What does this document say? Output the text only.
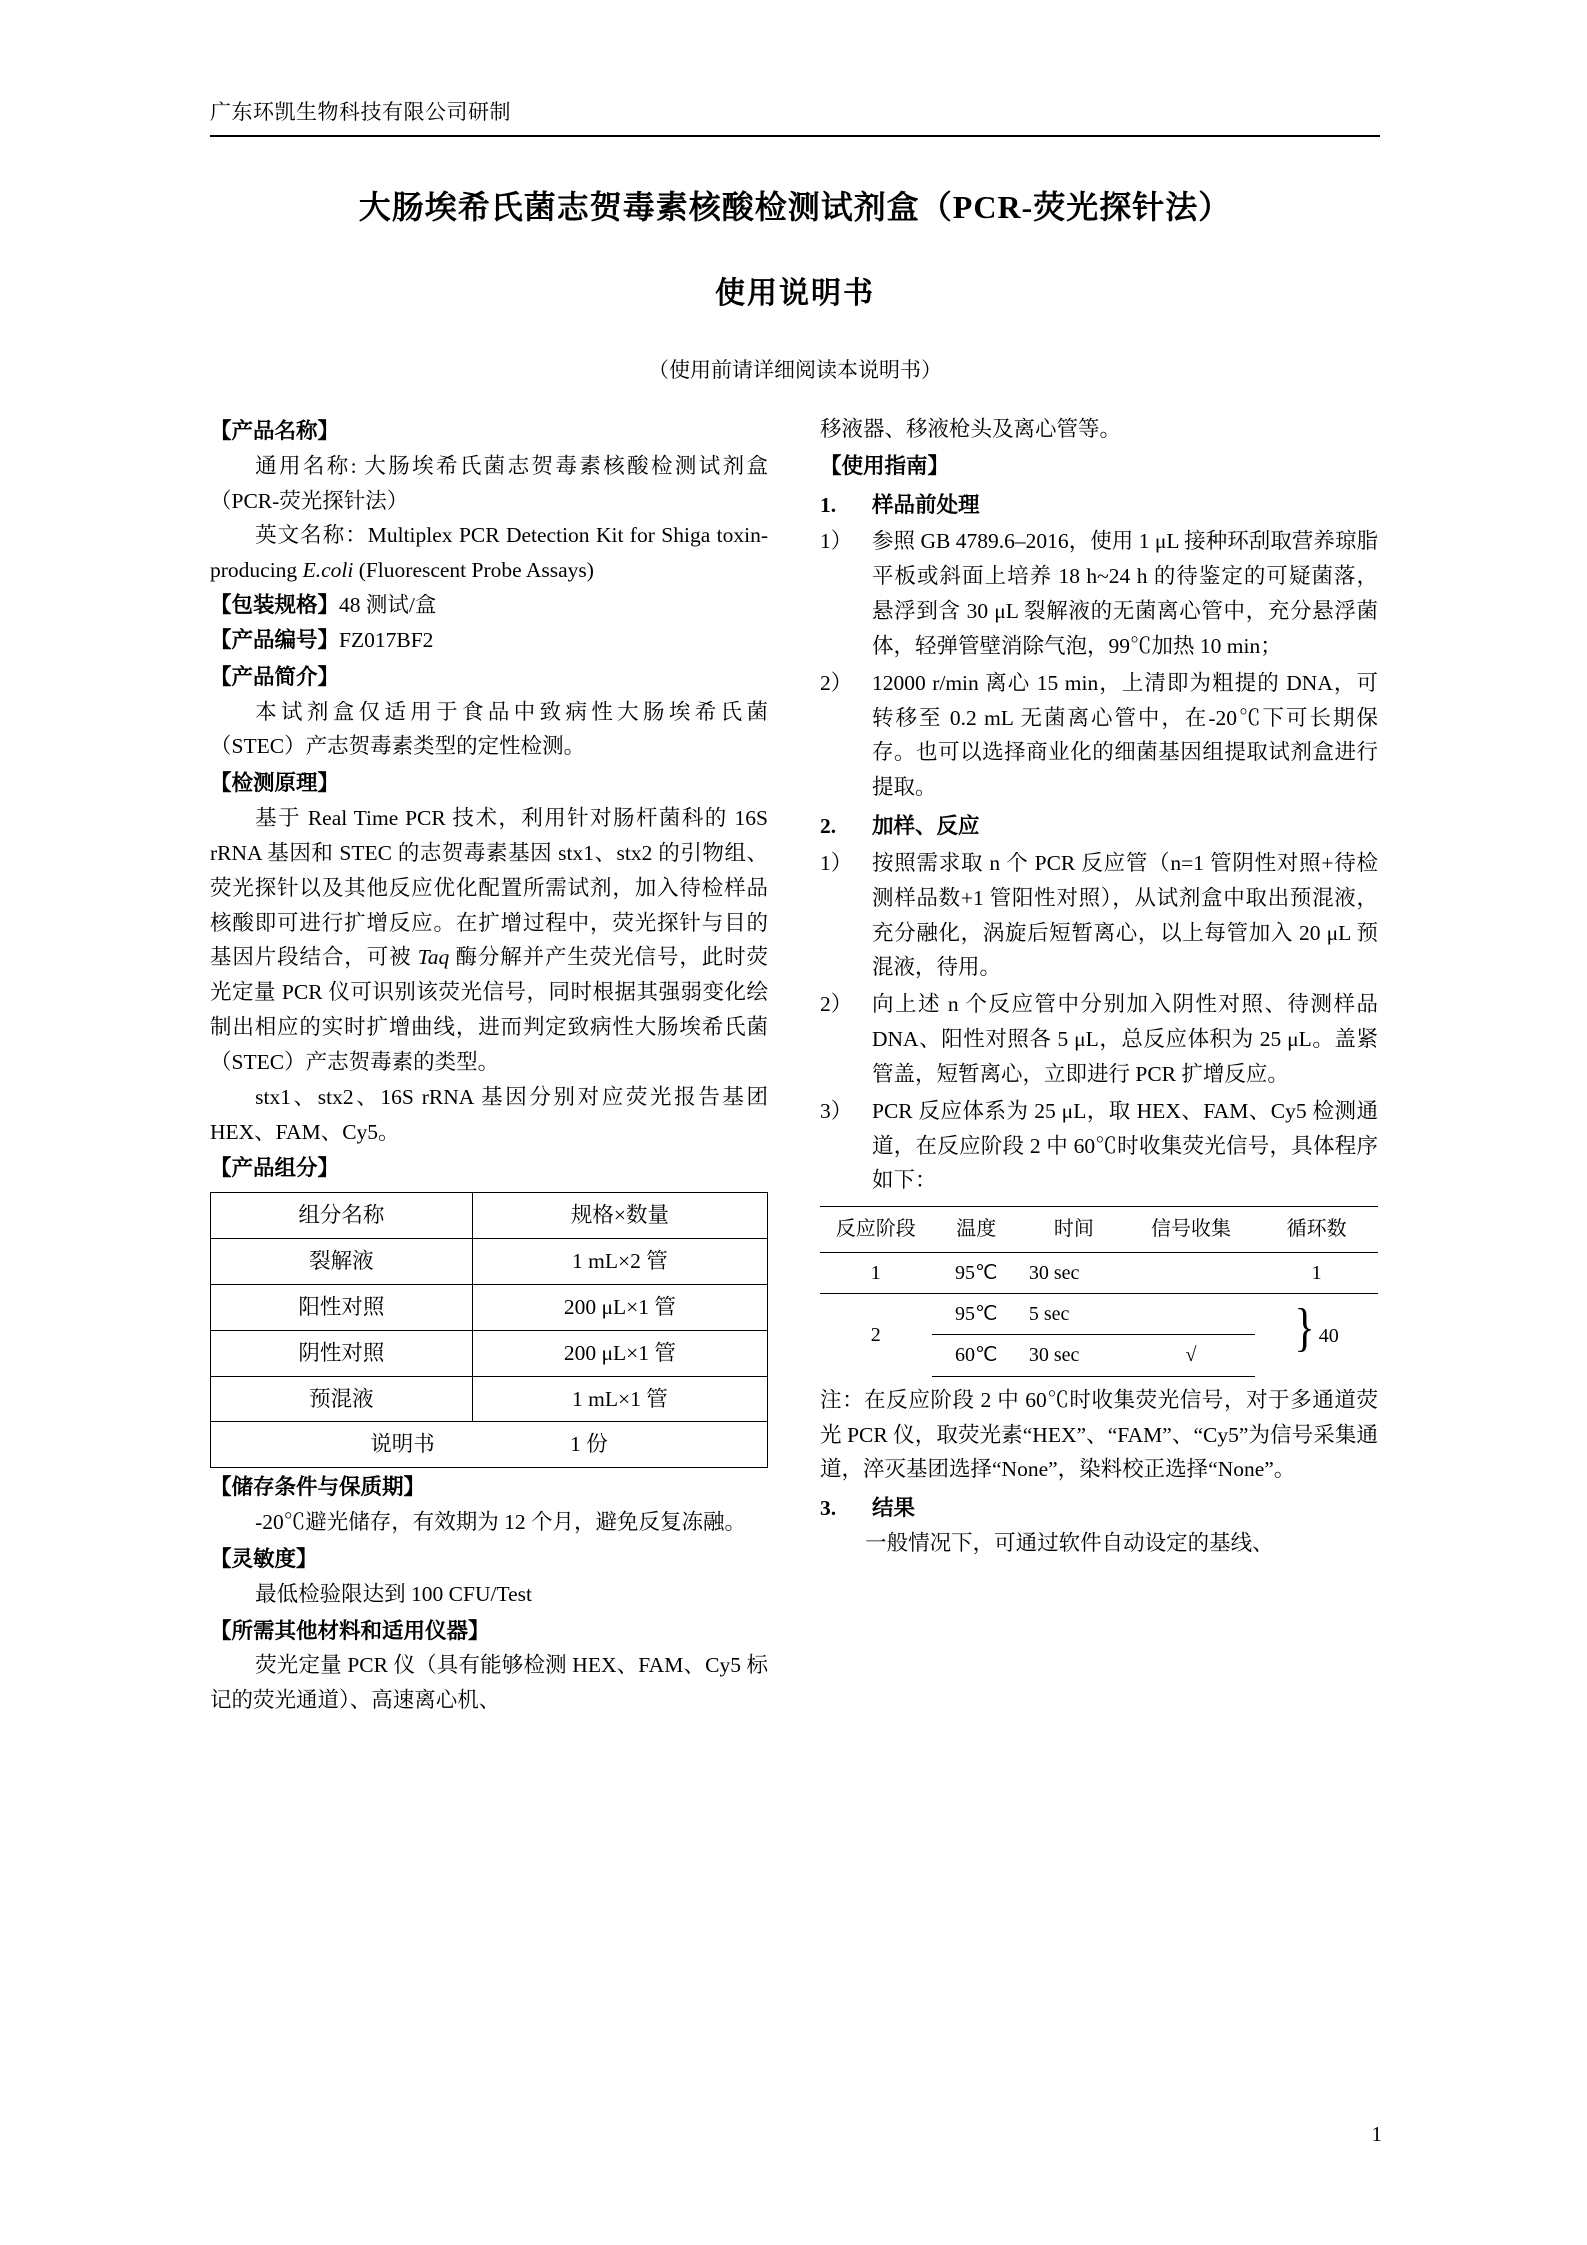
广东环凯生物科技有限公司研制
大肠埃希氏菌志贺毒素核酸检测试剂盒（PCR-荧光探针法）
使用说明书
（使用前请详细阅读本说明书）

【产品名称】

通用名称: 大肠埃希氏菌志贺毒素核酸检测试剂盒（PCR-荧光探针法）

英文名称：Multiplex PCR Detection Kit for Shiga toxin-producing E.coli (Fluorescent Probe Assays)

【包装规格】48 测试/盒

【产品编号】FZ017BF2

【产品简介】

本试剂盒仅适用于食品中致病性大肠埃希氏菌（STEC）产志贺毒素类型的定性检测。

【检测原理】

基于 Real Time PCR 技术，利用针对肠杆菌科的 16S rRNA 基因和 STEC 的志贺毒素基因 stx1、stx2 的引物组、荧光探针以及其他反应优化配置所需试剂，加入待检样品核酸即可进行扩增反应。在扩增过程中，荧光探针与目的基因片段结合，可被 Taq 酶分解并产生荧光信号，此时荧光定量 PCR 仪可识别该荧光信号，同时根据其强弱变化绘制出相应的实时扩增曲线，进而判定致病性大肠埃希氏菌（STEC）产志贺毒素的类型。

stx1、stx2、16S rRNA 基因分别对应荧光报告基团 HEX、FAM、Cy5。

【产品组分】

组分名称	规格×数量
裂解液	1 mL×2 管
阳性对照	200 μL×1 管
阴性对照	200 μL×1 管
预混液	1 mL×1 管
说明书 1 份	

【储存条件与保质期】

-20℃避光储存，有效期为 12 个月，避免反复冻融。

【灵敏度】

最低检验限达到 100 CFU/Test

【所需其他材料和适用仪器】

荧光定量 PCR 仪（具有能够检测 HEX、FAM、Cy5 标记的荧光通道）、高速离心机、

移液器、移液枪头及离心管等。

【使用指南】

1.	样品前处理
1） 参照 GB 4789.6–2016，使用 1 μL 接种环刮取营养琼脂平板或斜面上培养 18 h~24 h 的待鉴定的可疑菌落，悬浮到含 30 μL 裂解液的无菌离心管中，充分悬浮菌体，轻弹管壁消除气泡，99℃加热 10 min；
2） 12000 r/min 离心 15 min，上清即为粗提的 DNA，可转移至 0.2 mL 无菌离心管中，在-20℃下可长期保存。也可以选择商业化的细菌基因组提取试剂盒进行提取。
2.	加样、反应
1） 按照需求取 n 个 PCR 反应管（n=1 管阴性对照+待检测样品数+1 管阳性对照），从试剂盒中取出预混液，充分融化，涡旋后短暂离心，以上每管加入 20 μL 预混液，待用。
2） 向上述 n 个反应管中分别加入阴性对照、待测样品 DNA、阳性对照各 5 μL，总反应体积为 25 μL。盖紧管盖，短暂离心，立即进行 PCR 扩增反应。
3） PCR 反应体系为 25 μL，取 HEX、FAM、Cy5 检测通道，在反应阶段 2 中 60℃时收集荧光信号，具体程序如下：
反应阶段	温度	时间	信号收集	循环数
1	95℃	30 sec		1
2	95℃	5 sec		} 40
	60℃	30 sec	√	

注：在反应阶段 2 中 60℃时收集荧光信号，对于多通道荧光 PCR 仪，取荧光素“HEX”、“FAM”、“Cy5”为信号采集通道，淬灭基团选择“None”，染料校正选择“None”。

3.	结果

一般情况下，可通过软件自动设定的基线、

1
